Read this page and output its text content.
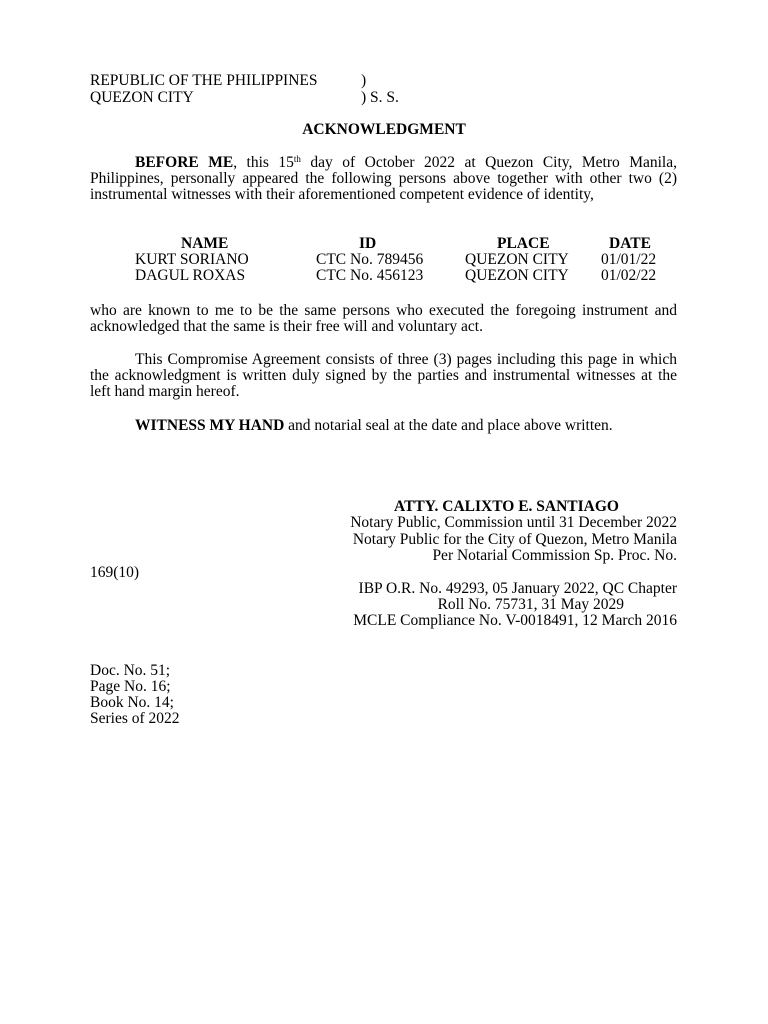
REPUBLIC OF THE PHILIPPINES	)
QUEZON CITY	) S. S.
ACKNOWLEDGMENT
BEFORE ME, this 15th day of October 2022 at Quezon City, Metro Manila, Philippines, personally appeared the following persons above together with other two (2) instrumental witnesses with their aforementioned competent evidence of identity,
NAME	ID	PLACE	DATE
KURT SORIANO	CTC No. 789456	QUEZON CITY 01/01/22
DAGUL ROXAS	CTC No. 456123	QUEZON CITY 01/02/22
who are known to me to be the same persons who executed the foregoing instrument and acknowledged that the same is their free will and voluntary act.
This Compromise Agreement consists of three (3) pages including this page in which the acknowledgment is written duly signed by the parties and instrumental witnesses at the left hand margin hereof.
WITNESS MY HAND and notarial seal at the date and place above written.
ATTY. CALIXTO E. SANTIAGO
Notary Public, Commission until 31 December 2022
Notary Public for the City of Quezon, Metro Manila
Per Notarial Commission Sp. Proc. No.
169(10)
IBP O.R. No. 49293, 05 January 2022, QC Chapter
Roll No. 75731, 31 May 2029
MCLE Compliance No. V-0018491, 12 March 2016
Doc. No. 51;
Page No. 16;
Book No. 14;
Series of 2022
